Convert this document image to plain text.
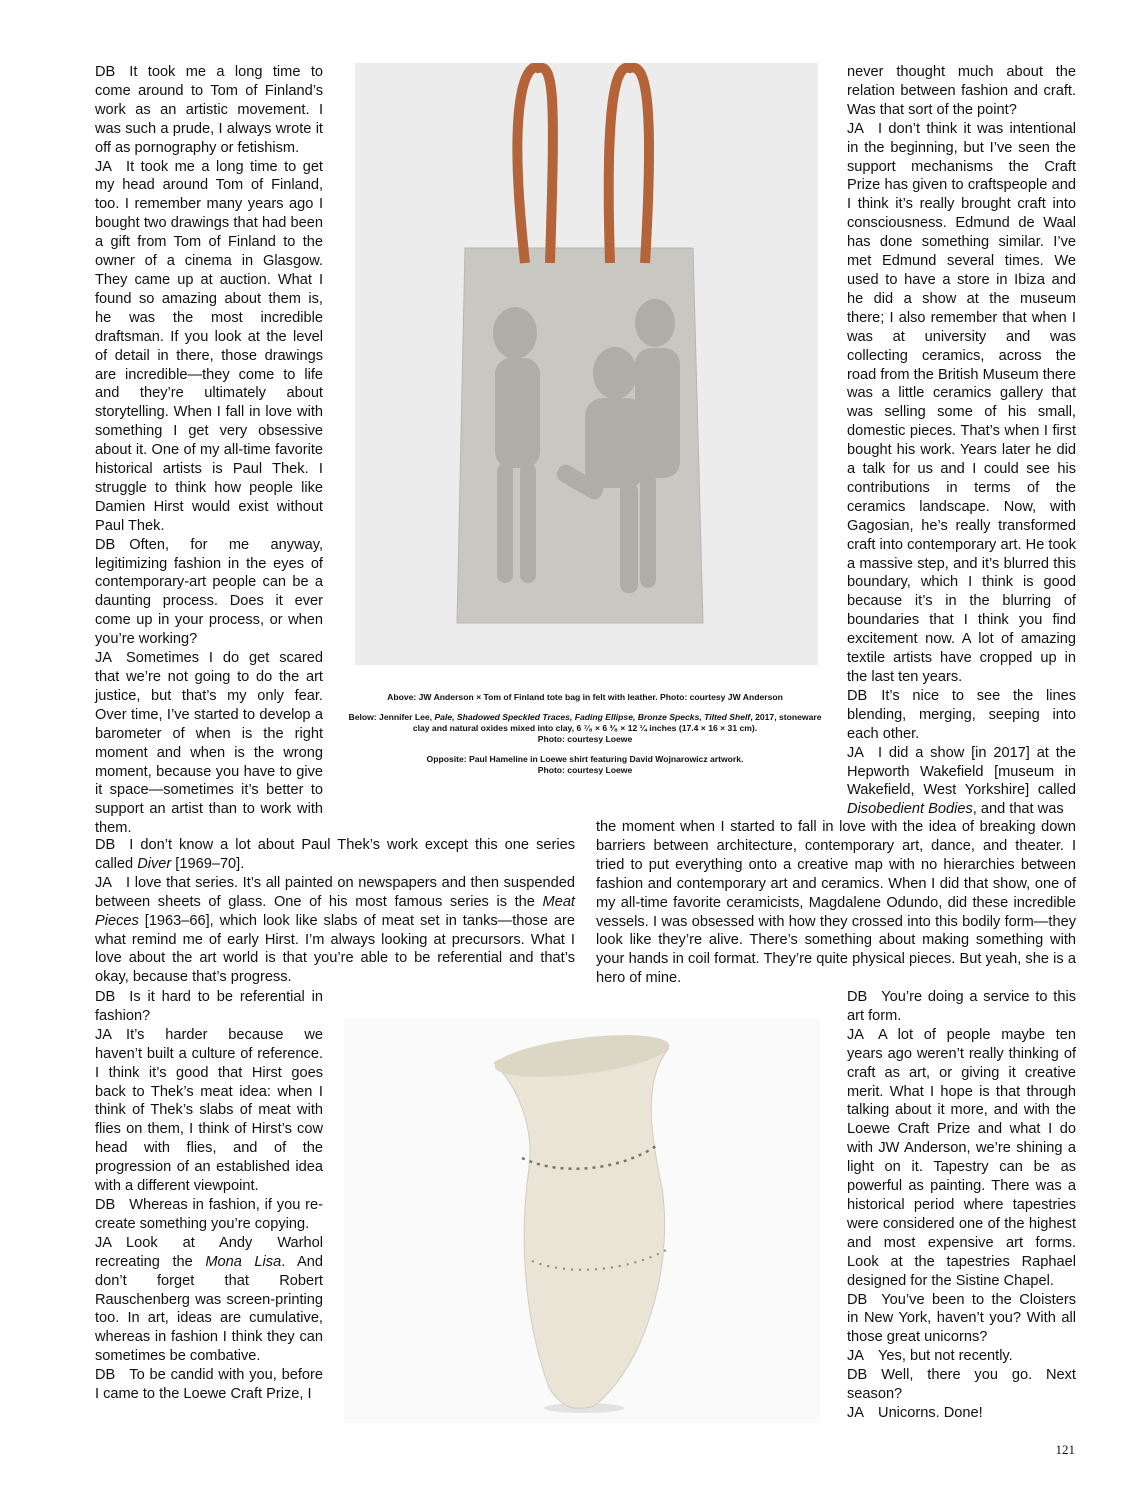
DB It took me a long time to come around to Tom of Finland’s work as an artistic movement. I was such a prude, I always wrote it off as pornography or fetishism.

JA It took me a long time to get my head around Tom of Finland, too. I remember many years ago I bought two drawings that had been a gift from Tom of Finland to the owner of a cinema in Glasgow. They came up at auction. What I found so amazing about them is, he was the most incredible draftsman. If you look at the level of detail in there, those drawings are incredible—they come to life and they’re ultimately about storytelling. When I fall in love with something I get very obsessive about it. One of my all-time favorite historical artists is Paul Thek. I struggle to think how people like Damien Hirst would exist without Paul Thek.

DB Often, for me anyway, legitimizing fashion in the eyes of contemporary-art people can be a daunting process. Does it ever come up in your process, or when you’re working?

JA Sometimes I do get scared that we’re not going to do the art justice, but that’s my only fear. Over time, I’ve started to develop a barometer of when is the right moment and when is the wrong moment, because you have to give it space—sometimes it’s better to support an artist than to work with them.

Above: JW Anderson × Tom of Finland tote bag in felt with leather. Photo: courtesy JW Anderson

Below: Jennifer Lee, Pale, Shadowed Speckled Traces, Fading Ellipse, Bronze Specks, Tilted Shelf, 2017, stoneware clay and natural oxides mixed into clay, 6 ⁷⁄₈ × 6 ³⁄₈ × 12 ¼ inches (17.4 × 16 × 31 cm).
Photo: courtesy Loewe

Opposite: Paul Hameline in Loewe shirt featuring David Wojnarowicz artwork.
Photo: courtesy Loewe

never thought much about the relation between fashion and craft. Was that sort of the point?

JA I don’t think it was intentional in the beginning, but I’ve seen the support mechanisms the Craft Prize has given to craftspeople and I think it’s really brought craft into consciousness. Edmund de Waal has done something similar. I’ve met Edmund several times. We used to have a store in Ibiza and he did a show at the museum there; I also remember that when I was at university and was collecting ceramics, across the road from the British Museum there was a little ceramics gallery that was selling some of his small, domestic pieces. That’s when I first bought his work. Years later he did a talk for us and I could see his contributions in terms of the ceramics landscape. Now, with Gagosian, he’s really transformed craft into contemporary art. He took a massive step, and it’s blurred this boundary, which I think is good because it’s in the blurring of boundaries that I think you find excitement now. A lot of amazing textile artists have cropped up in the last ten years.

DB It’s nice to see the lines blending, merging, seeping into each other.

JA I did a show [in 2017] at the Hepworth Wakefield [museum in Wakefield, West Yorkshire] called Disobedient Bodies, and that was

DB I don’t know a lot about Paul Thek’s work except this one series called Diver [1969–70].

JA I love that series. It’s all painted on newspapers and then suspended between sheets of glass. One of his most famous series is the Meat Pieces [1963–66], which look like slabs of meat set in tanks—those are what remind me of early Hirst. I’m always looking at precursors. What I love about the art world is that you’re able to be referential and that’s okay, because that’s progress.

the moment when I started to fall in love with the idea of breaking down barriers between architecture, contemporary art, dance, and theater. I tried to put everything onto a creative map with no hierarchies between fashion and contemporary art and ceramics. When I did that show, one of my all-time favorite ceramicists, Magdalene Odundo, did these incredible vessels. I was obsessed with how they crossed into this bodily form—they look like they’re alive. There’s something about making something with your hands in coil format. They’re quite physical pieces. But yeah, she is a hero of mine.

DB Is it hard to be referential in fashion?

JA It’s harder because we haven’t built a culture of reference. I think it’s good that Hirst goes back to Thek’s meat idea: when I think of Thek’s slabs of meat with flies on them, I think of Hirst’s cow head with flies, and of the progression of an established idea with a different viewpoint.

DB Whereas in fashion, if you re-create something you’re copying.

JA Look at Andy Warhol recreating the Mona Lisa. And don’t forget that Robert Rauschenberg was screen-printing too. In art, ideas are cumulative, whereas in fashion I think they can sometimes be combative.

DB To be candid with you, before I came to the Loewe Craft Prize, I

DB You’re doing a service to this art form.

JA A lot of people maybe ten years ago weren’t really thinking of craft as art, or giving it creative merit. What I hope is that through talking about it more, and with the Loewe Craft Prize and what I do with JW Anderson, we’re shining a light on it. Tapestry can be as powerful as painting. There was a historical period where tapestries were considered one of the highest and most expensive art forms. Look at the tapestries Raphael designed for the Sistine Chapel.

DB You’ve been to the Cloisters in New York, haven’t you? With all those great unicorns?

JA Yes, but not recently.

DB Well, there you go. Next season?

JA Unicorns. Done!

121
